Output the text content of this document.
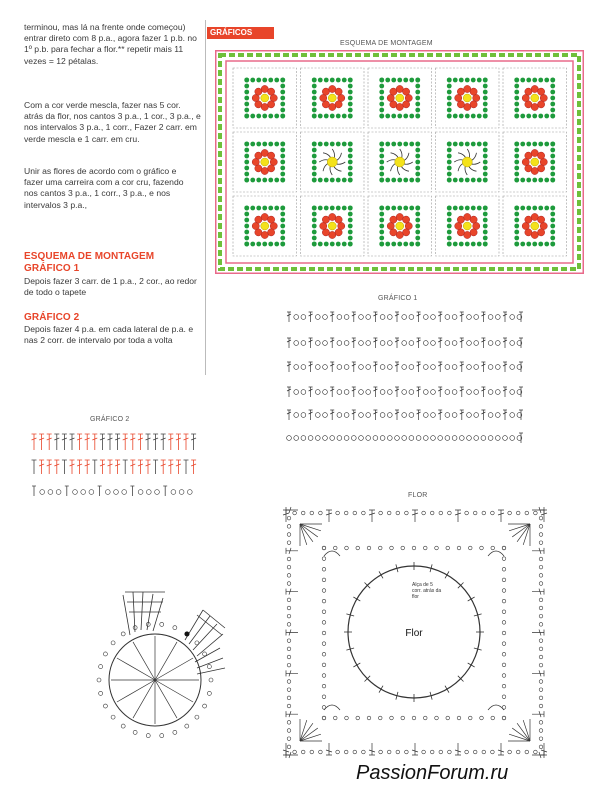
terminou, mas lá na frente onde começou) entrar direto com 8 p.a., agora fazer 1 p.b. no 1º p.b. para fechar a flor.** repetir mais 11 vezes = 12 pétalas.
Com a cor verde mescla, fazer nas 5 cor. atrás da flor, nos cantos 3 p.a., 1 cor., 3 p.a., e nos intervalos 3 p.a., 1 corr., Fazer 2 carr. em verde mescla e 1 carr. em cru.
Unir as flores de acordo com o gráfico e fazer uma carreira com a cor cru, fazendo nos cantos 3 p.a., 1 corr., 3 p.a., e nos intervalos 3 p.a.,
ESQUEMA DE MONTAGEM
GRÁFICO 1
Depois fazer 3 carr. de 1 p.a., 2 cor., ao redor de todo o tapete
GRÁFICO 2
Depois fazer 4 p.a. em cada lateral de p.a. e nas 2 corr. de intervalo por toda a volta
GRÁFICOS
ESQUEMA DE MONTAGEM
GRÁFICO 1
GRÁFICO 2
FLOR
Flor
Alça de 5 corr. atrás da flor
PassionForum.ru
